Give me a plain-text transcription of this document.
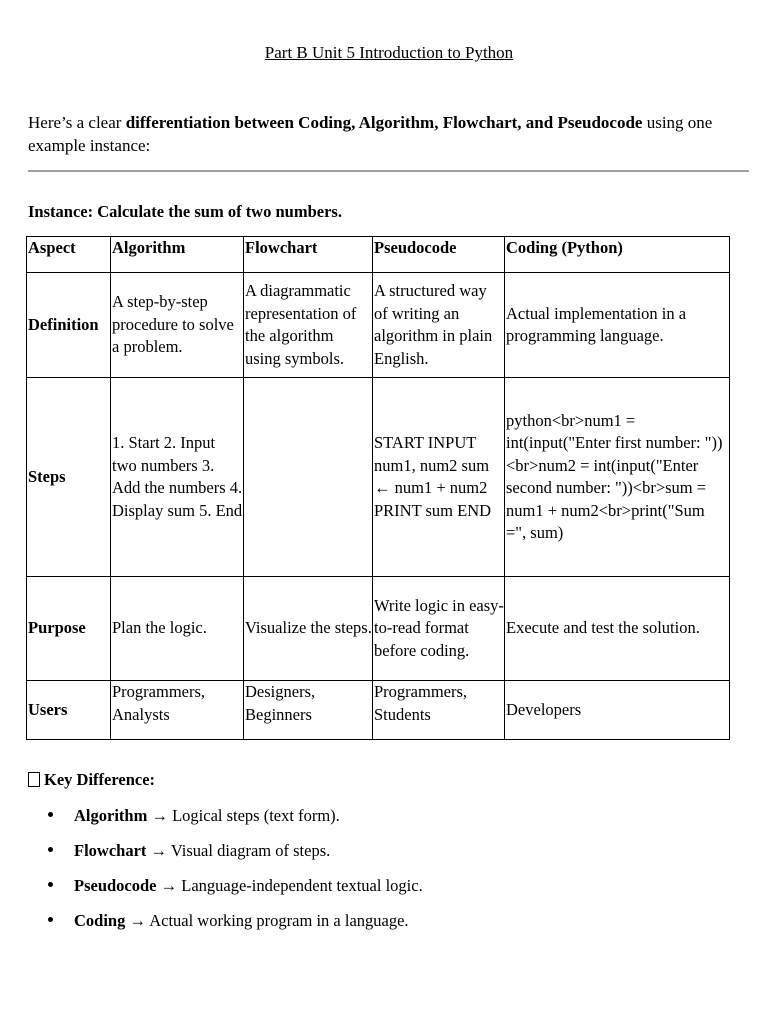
Part B Unit 5 Introduction to Python
Here’s a clear differentiation between Coding, Algorithm, Flowchart, and Pseudocode using one example instance:
Instance: Calculate the sum of two numbers.
Aspect	Algorithm	Flowchart	Pseudocode	Coding (Python)
Definition	A step-by-step procedure to solve a problem.	A diagrammatic representation of the algorithm using symbols.	A structured way of writing an algorithm in plain English.	Actual implementation in a programming language.
Steps	1. Start 2. Input two numbers 3. Add the numbers 4. Display sum 5. End		START INPUT num1, num2 sum ← num1 + num2 PRINT sum END	python<br>num1 = int(input("Enter first number: "))<br>num2 = int(input("Enter second number: "))<br>sum = num1 + num2<br>print("Sum =", sum)
Purpose	Plan the logic.	Visualize the steps.	Write logic in easy-to-read format before coding.	Execute and test the solution.
Users	Programmers, Analysts	Designers, Beginners	Programmers, Students	Developers
Key Difference:
Algorithm → Logical steps (text form).
Flowchart → Visual diagram of steps.
Pseudocode → Language-independent textual logic.
Coding → Actual working program in a language.
